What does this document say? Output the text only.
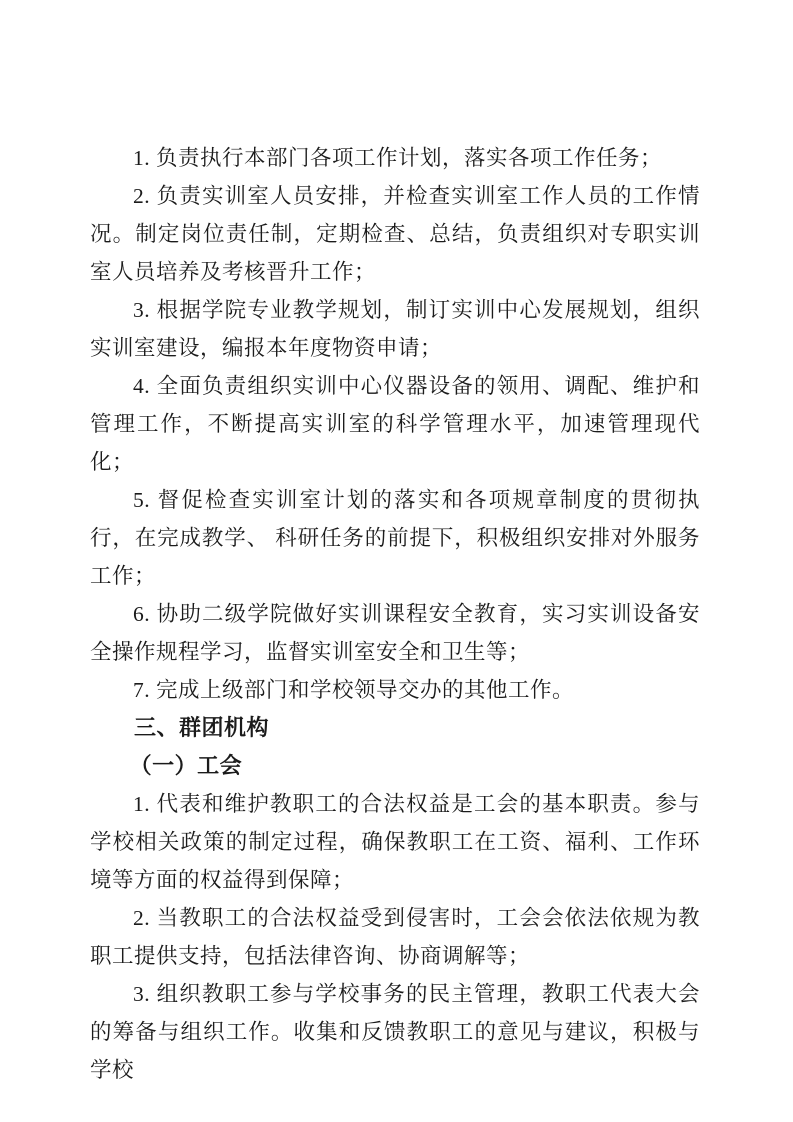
1. 负责执行本部门各项工作计划，落实各项工作任务；

2. 负责实训室人员安排，并检查实训室工作人员的工作情况。制定岗位责任制，定期检查、总结，负责组织对专职实训室人员培养及考核晋升工作；

3. 根据学院专业教学规划，制订实训中心发展规划，组织实训室建设，编报本年度物资申请；

4. 全面负责组织实训中心仪器设备的领用、调配、维护和管理工作，不断提高实训室的科学管理水平，加速管理现代化；

5. 督促检查实训室计划的落实和各项规章制度的贯彻执行，在完成教学、 科研任务的前提下，积极组织安排对外服务工作；

6. 协助二级学院做好实训课程安全教育，实习实训设备安全操作规程学习，监督实训室安全和卫生等；

7. 完成上级部门和学校领导交办的其他工作。

三、群团机构

（一）工会

1. 代表和维护教职工的合法权益是工会的基本职责。参与学校相关政策的制定过程，确保教职工在工资、福利、工作环境等方面的权益得到保障；

2. 当教职工的合法权益受到侵害时，工会会依法依规为教职工提供支持，包括法律咨询、协商调解等；

3. 组织教职工参与学校事务的民主管理，教职工代表大会的筹备与组织工作。收集和反馈教职工的意见与建议，积极与学校
